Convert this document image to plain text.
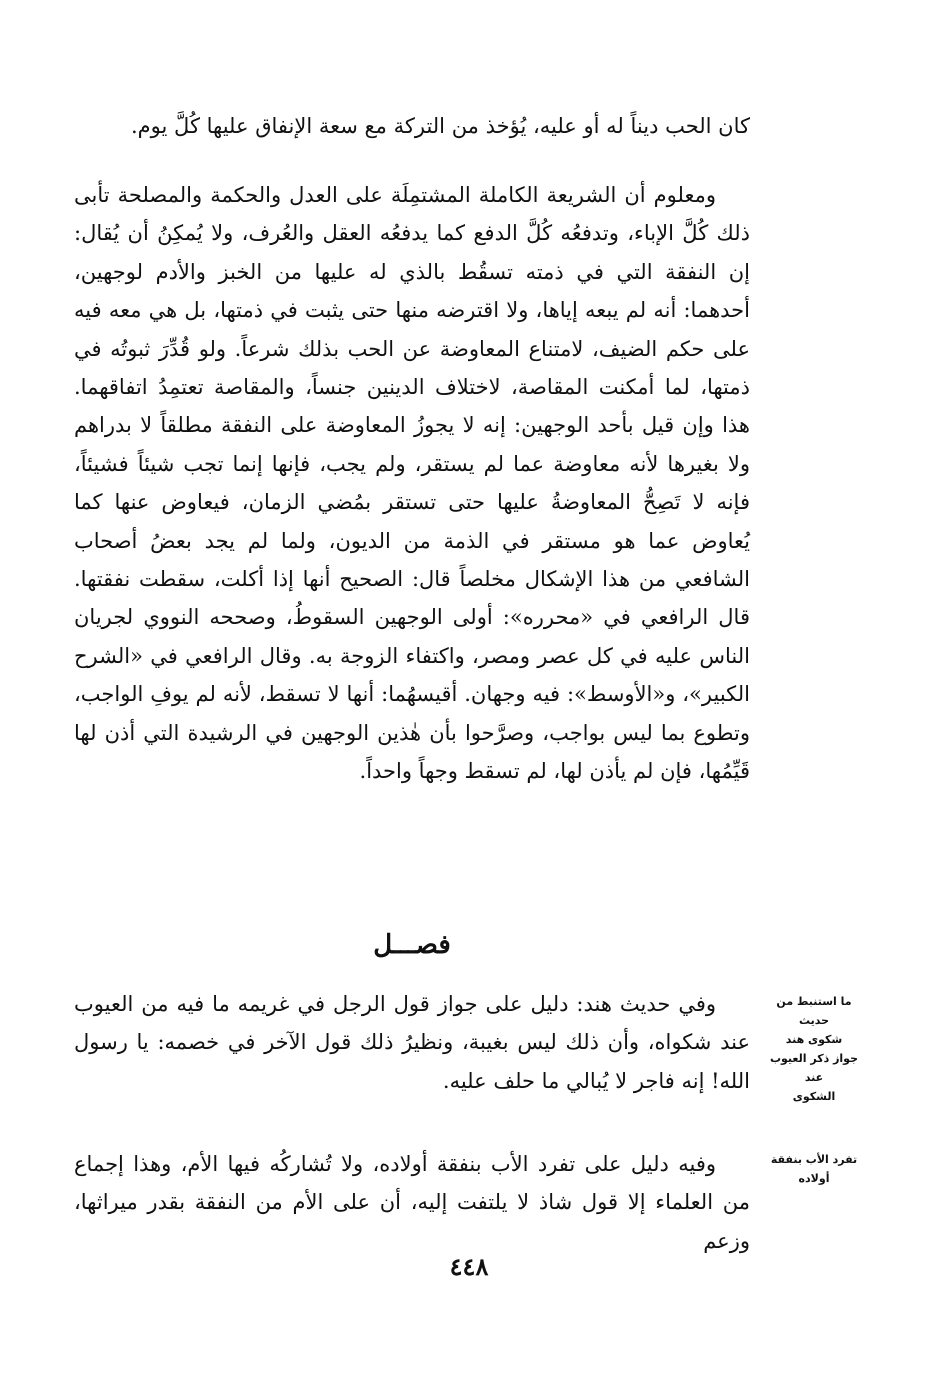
كان الحب ديناً له أو عليه، يُؤخذ من التركة مع سعة الإنفاق عليها كُلَّ يوم.

ومعلوم أن الشريعة الكاملة المشتمِلَة على العدل والحكمة والمصلحة تأبى ذلك كُلَّ الإباء، وتدفعُه كُلَّ الدفع كما يدفعُه العقل والعُرف، ولا يُمكِنُ أن يُقال: إن النفقة التي في ذمته تسقُط بالذي له عليها من الخبز والأدم لوجهين، أحدهما: أنه لم يبعه إياها، ولا اقترضه منها حتى يثبت في ذمتها، بل هي معه فيه على حكم الضيف، لامتناع المعاوضة عن الحب بذلك شرعاً. ولو قُدِّرَ ثبوتُه في ذمتها، لما أمكنت المقاصة، لاختلاف الدينين جنساً، والمقاصة تعتمِدُ اتفاقهما. هذا وإن قيل بأحد الوجهين: إنه لا يجوزُ المعاوضة على النفقة مطلقاً لا بدراهم ولا بغيرها لأنه معاوضة عما لم يستقر، ولم يجب، فإنها إنما تجب شيئاً فشيئاً، فإنه لا تَصِحُّ المعاوضةُ عليها حتى تستقر بمُضي الزمان، فيعاوض عنها كما يُعاوض عما هو مستقر في الذمة من الديون، ولما لم يجد بعضُ أصحاب الشافعي من هذا الإشكال مخلصاً قال: الصحيح أنها إذا أكلت، سقطت نفقتها. قال الرافعي في «محرره»: أولى الوجهين السقوطُ، وصححه النووي لجريان الناس عليه في كل عصر ومصر، واكتفاء الزوجة به. وقال الرافعي في «الشرح الكبير»، و«الأوسط»: فيه وجهان. أقيسهُما: أنها لا تسقط، لأنه لم يوفِ الواجب، وتطوع بما ليس بواجب، وصرَّحوا بأن هٰذين الوجهين في الرشيدة التي أذن لها قَيِّمُها، فإن لم يأذن لها، لم تسقط وجهاً واحداً.

فصـــل
ما استنبط من حديث
شكوى هند
جواز ذكر العيوب عند
الشكوى

وفي حديث هند: دليل على جواز قول الرجل في غريمه ما فيه من العيوب عند شكواه، وأن ذلك ليس بغيبة، ونظيرُ ذلك قول الآخر في خصمه: يا رسول الله! إنه فاجر لا يُبالي ما حلف عليه.

تفرد الأب بنفقة أولاده

وفيه دليل على تفرد الأب بنفقة أولاده، ولا تُشاركُه فيها الأم، وهذا إجماع من العلماء إلا قول شاذ لا يلتفت إليه، أن على الأم من النفقة بقدر ميراثها، وزعم

٤٤٨
